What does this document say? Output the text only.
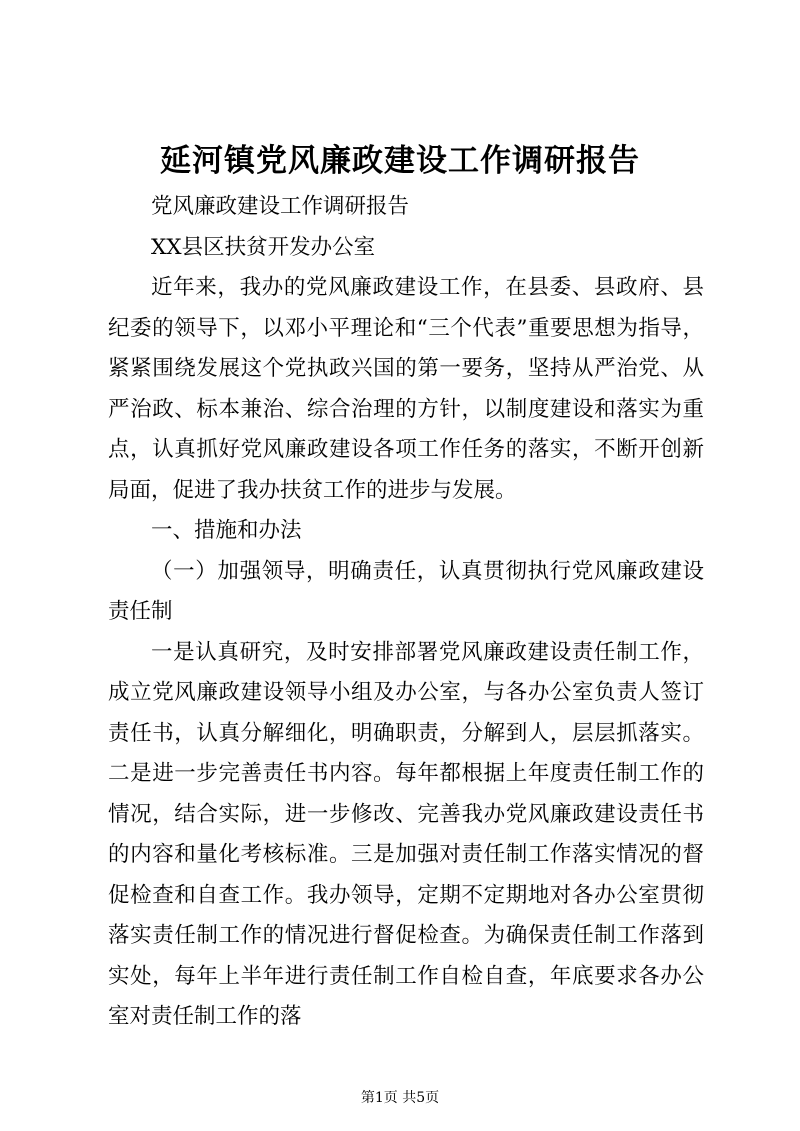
延河镇党风廉政建设工作调研报告

党风廉政建设工作调研报告

XX县区扶贫开发办公室

近年来，我办的党风廉政建设工作，在县委、县政府、县纪委的领导下，以邓小平理论和“三个代表”重要思想为指导，紧紧围绕发展这个党执政兴国的第一要务，坚持从严治党、从严治政、标本兼治、综合治理的方针，以制度建设和落实为重点，认真抓好党风廉政建设各项工作任务的落实，不断开创新局面，促进了我办扶贫工作的进步与发展。

一、措施和办法

（一）加强领导，明确责任，认真贯彻执行党风廉政建设责任制

一是认真研究，及时安排部署党风廉政建设责任制工作，成立党风廉政建设领导小组及办公室，与各办公室负责人签订责任书，认真分解细化，明确职责，分解到人，层层抓落实。二是进一步完善责任书内容。每年都根据上年度责任制工作的情况，结合实际，进一步修改、完善我办党风廉政建设责任书的内容和量化考核标准。三是加强对责任制工作落实情况的督促检查和自查工作。我办领导，定期不定期地对各办公室贯彻落实责任制工作的情况进行督促检查。为确保责任制工作落到实处，每年上半年进行责任制工作自检自查，年底要求各办公室对责任制工作的落

第1页 共5页
